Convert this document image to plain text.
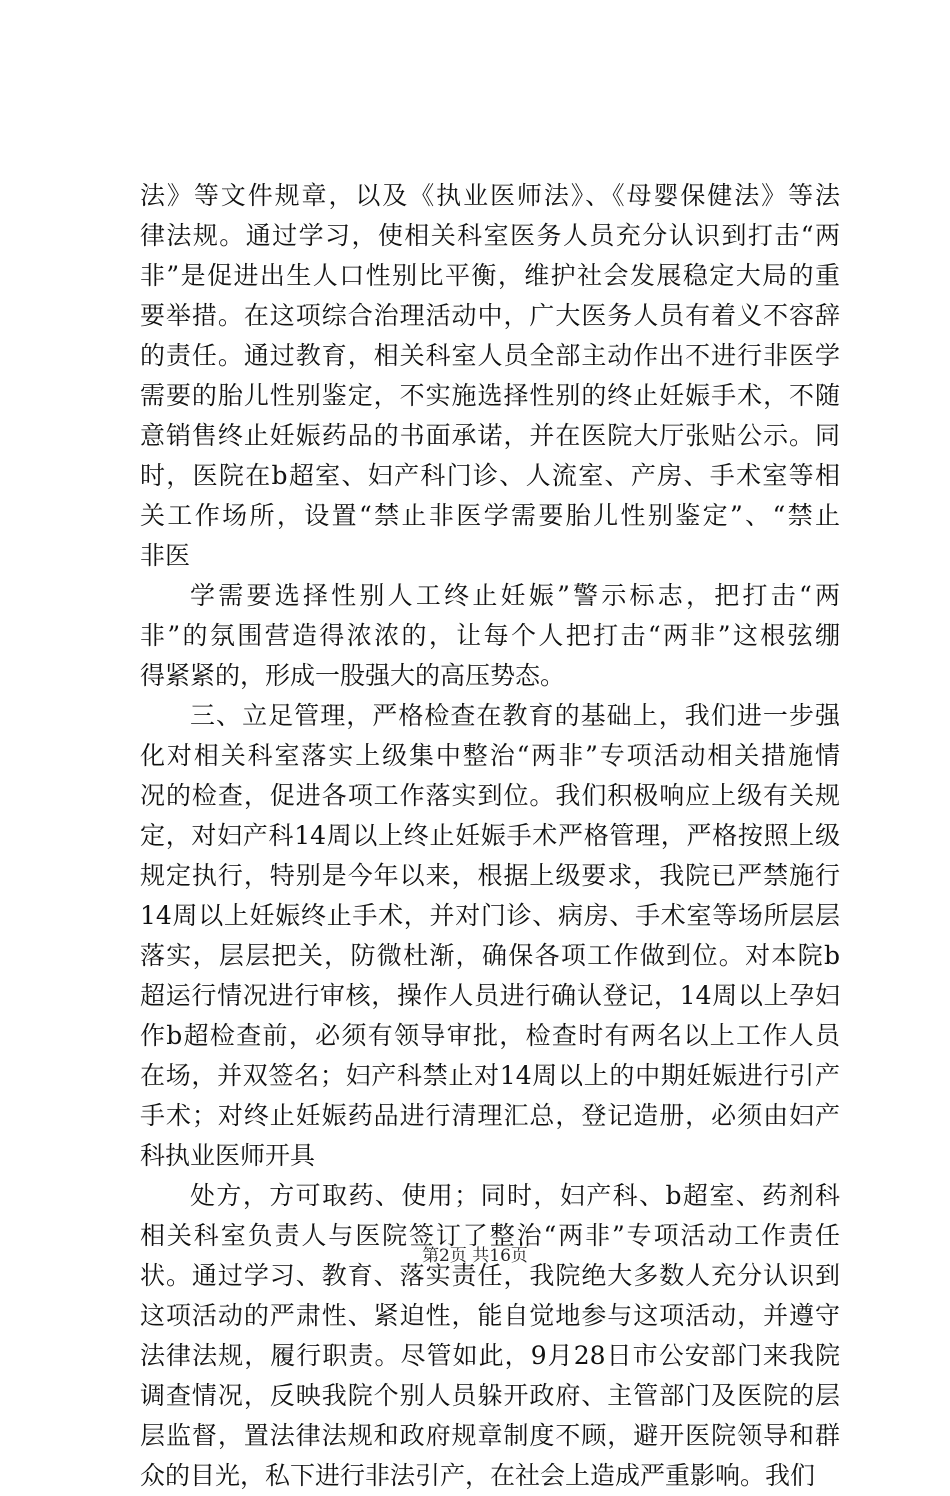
法》等文件规章，以及《执业医师法》、《母婴保健法》等法
律法规。通过学习，使相关科室医务人员充分认识到打击“两
非”是促进出生人口性别比平衡，维护社会发展稳定大局的重
要举措。在这项综合治理活动中，广大医务人员有着义不容辞
的责任。通过教育，相关科室人员全部主动作出不进行非医学
需要的胎儿性别鉴定，不实施选择性别的终止妊娠手术，不随
意销售终止妊娠药品的书面承诺，并在医院大厅张贴公示。同
时，医院在b超室、妇产科门诊、人流室、产房、手术室等相
关工作场所，设置“禁止非医学需要胎儿性别鉴定”、“禁止
非医
学需要选择性别人工终止妊娠”警示标志，把打击“两
非”的氛围营造得浓浓的，让每个人把打击“两非”这根弦绷
得紧紧的，形成一股强大的高压势态。
三、立足管理，严格检查在教育的基础上，我们进一步强
化对相关科室落实上级集中整治“两非”专项活动相关措施情
况的检查，促进各项工作落实到位。我们积极响应上级有关规
定，对妇产科14周以上终止妊娠手术严格管理，严格按照上级
规定执行，特别是今年以来，根据上级要求，我院已严禁施行
14周以上妊娠终止手术，并对门诊、病房、手术室等场所层层
落实，层层把关，防微杜渐，确保各项工作做到位。对本院b
超运行情况进行审核，操作人员进行确认登记，14周以上孕妇
作b超检查前，必须有领导审批，检查时有两名以上工作人员
在场，并双签名；妇产科禁止对14周以上的中期妊娠进行引产
手术；对终止妊娠药品进行清理汇总，登记造册，必须由妇产
科执业医师开具
处方，方可取药、使用；同时，妇产科、b超室、药剂科
相关科室负责人与医院签订了整治“两非”专项活动工作责任
状。通过学习、教育、落实责任，我院绝大多数人充分认识到
这项活动的严肃性、紧迫性，能自觉地参与这项活动，并遵守
法律法规，履行职责。尽管如此，9月28日市公安部门来我院
调查情况，反映我院个别人员躲开政府、主管部门及医院的层
层监督，置法律法规和政府规章制度不顾，避开医院领导和群
众的目光，私下进行非法引产，在社会上造成严重影响。我们
第2页 共16页
